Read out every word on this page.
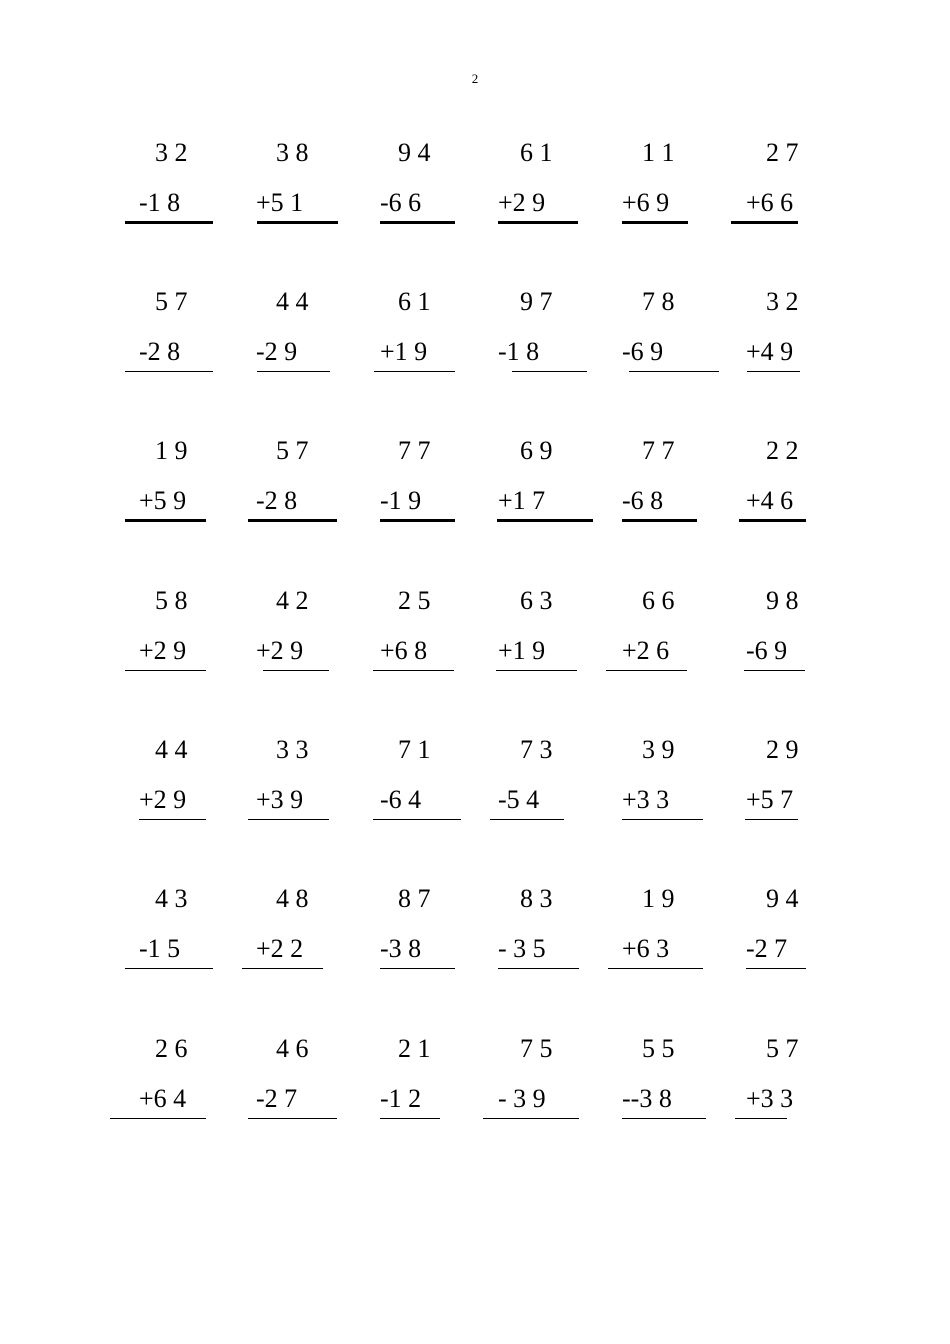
2
3 2
-1 8
3 8
+5 1
9 4
-6 6
6 1
+2 9
1 1
+6 9
2 7
+6 6
5 7
-2 8
4 4
-2 9
6 1
+1 9
9 7
-1 8
7 8
-6 9
3 2
+4 9
1 9
+5 9
5 7
-2 8
7 7
-1 9
6 9
+1 7
7 7
-6 8
2 2
+4 6
5 8
+2 9
4 2
+2 9
2 5
+6 8
6 3
+1 9
6 6
+2 6
9 8
-6 9
4 4
+2 9
3 3
+3 9
7 1
-6 4
7 3
-5 4
3 9
+3 3
2 9
+5 7
4 3
-1 5
4 8
+2 2
8 7
-3 8
8 3
- 3 5
1 9
+6 3
9 4
-2 7
2 6
+6 4
4 6
-2 7
2 1
-1 2
7 5
- 3 9
5 5
--3 8
5 7
+3 3
